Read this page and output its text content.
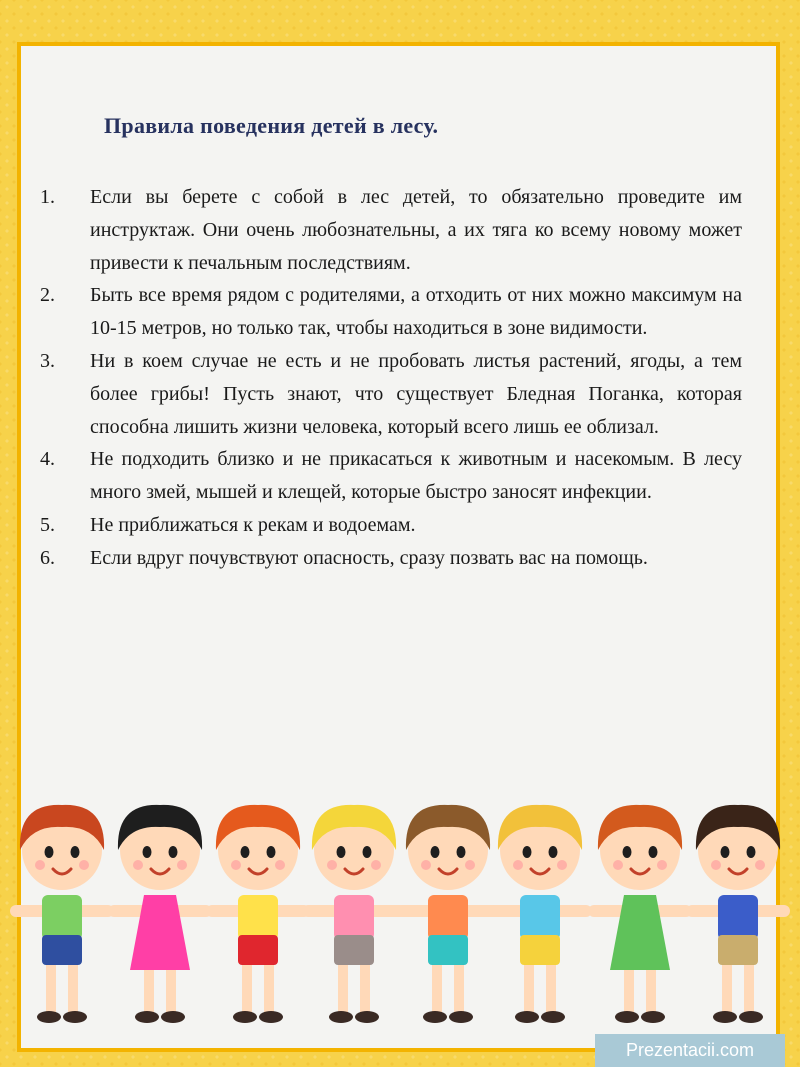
Правила поведения детей в лесу.
1.	Если вы берете с собой в лес детей, то обязательно проведите им инструктаж. Они очень любознательны, а их тяга ко всему новому может привести к печальным последствиям.
2.	Быть все время рядом с родителями, а отходить от них можно максимум на 10-15 метров, но только так, чтобы находиться в зоне видимости.
3.	Ни в коем случае не есть и не пробовать листья растений, ягоды, а тем более грибы! Пусть знают, что существует Бледная Поганка, которая способна лишить жизни человека, который всего лишь ее облизал.
4.	Не подходить близко и не прикасаться к животным и насекомым. В лесу много змей, мышей и клещей, которые быстро заносят инфекции.
5.	Не приближаться к рекам и водоемам.
6.	Если вдруг почувствуют опасность, сразу позвать вас на помощь.
Prezentacii.com
